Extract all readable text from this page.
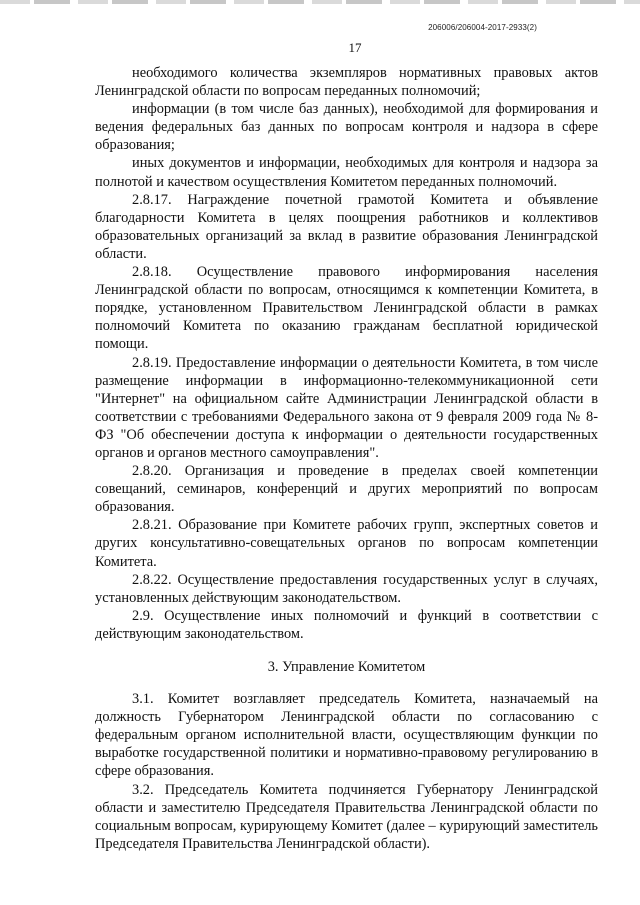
206006/206004-2017-2933(2)
17

необходимого количества экземпляров нормативных правовых актов Ленинградской области по вопросам переданных полномочий;

информации (в том числе баз данных), необходимой для формирования и ведения федеральных баз данных по вопросам контроля и надзора в сфере образования;

иных документов и информации, необходимых для контроля и надзора за полнотой и качеством осуществления Комитетом переданных полномочий.

2.8.17. Награждение почетной грамотой Комитета и объявление благодарности Комитета в целях поощрения работников и коллективов образовательных организаций за вклад в развитие образования Ленинградской области.

2.8.18. Осуществление правового информирования населения Ленинградской области по вопросам, относящимся к компетенции Комитета, в порядке, установленном Правительством Ленинградской области в рамках полномочий Комитета по оказанию гражданам бесплатной юридической помощи.

2.8.19. Предоставление информации о деятельности Комитета, в том числе размещение информации в информационно-телекоммуникационной сети "Интернет" на официальном сайте Администрации Ленинградской области в соответствии с требованиями Федерального закона от 9 февраля 2009 года № 8-ФЗ "Об обеспечении доступа к информации о деятельности государственных органов и органов местного самоуправления".

2.8.20. Организация и проведение в пределах своей компетенции совещаний, семинаров, конференций и других мероприятий по вопросам образования.

2.8.21. Образование при Комитете рабочих групп, экспертных советов и других консультативно-совещательных органов по вопросам компетенции Комитета.

2.8.22. Осуществление предоставления государственных услуг в случаях, установленных действующим законодательством.

2.9. Осуществление иных полномочий и функций в соответствии с действующим законодательством.

3. Управление Комитетом

3.1. Комитет возглавляет председатель Комитета, назначаемый на должность Губернатором Ленинградской области по согласованию с федеральным органом исполнительной власти, осуществляющим функции по выработке государственной политики и нормативно-правовому регулированию в сфере образования.

3.2. Председатель Комитета подчиняется Губернатору Ленинградской области и заместителю Председателя Правительства Ленинградской области по социальным вопросам, курирующему Комитет (далее – курирующий заместитель Председателя Правительства Ленинградской области).
